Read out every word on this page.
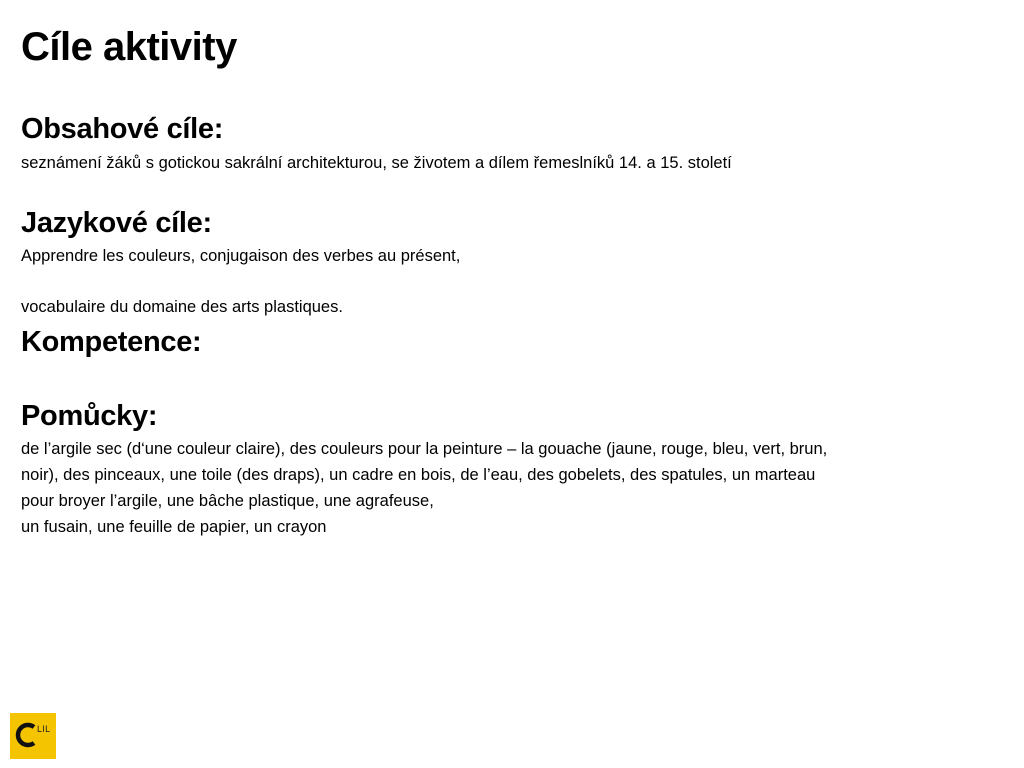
Cíle aktivity
Obsahové cíle:

seznámení žáků s gotickou sakrální architekturou, se životem a dílem řemeslníků 14. a 15. století

Jazykové cíle:

Apprendre les couleurs, conjugaison des verbes au présent,

vocabulaire du domaine des arts plastiques.

Kompetence:
Pomůcky:
de l’argile sec (d‘une couleur claire), des couleurs pour la peinture – la gouache (jaune, rouge, bleu, vert, brun,
noir), des pinceaux, une toile (des draps), un cadre en bois, de l’eau, des gobelets, des spatules, un marteau
pour broyer l’argile, une bâche plastique, une agrafeuse,
un fusain, une feuille de papier, un crayon
LIL
